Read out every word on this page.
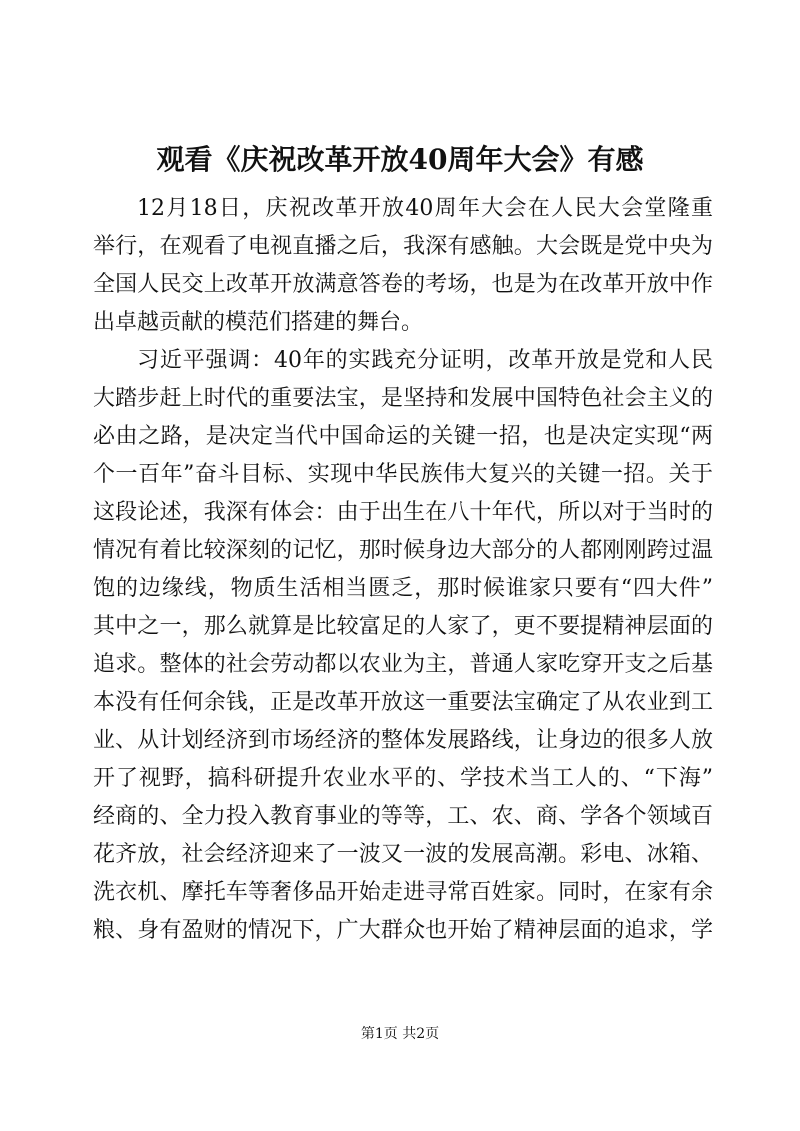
观看《庆祝改革开放40周年大会》有感
12月18日，庆祝改革开放40周年大会在人民大会堂隆重
举行，在观看了电视直播之后，我深有感触。大会既是党中央为
全国人民交上改革开放满意答卷的考场，也是为在改革开放中作
出卓越贡献的模范们搭建的舞台。
习近平强调：40年的实践充分证明，改革开放是党和人民
大踏步赶上时代的重要法宝，是坚持和发展中国特色社会主义的
必由之路，是决定当代中国命运的关键一招，也是决定实现“两
个一百年”奋斗目标、实现中华民族伟大复兴的关键一招。关于
这段论述，我深有体会：由于出生在八十年代，所以对于当时的
情况有着比较深刻的记忆，那时候身边大部分的人都刚刚跨过温
饱的边缘线，物质生活相当匮乏，那时候谁家只要有“四大件”
其中之一，那么就算是比较富足的人家了，更不要提精神层面的
追求。整体的社会劳动都以农业为主，普通人家吃穿开支之后基
本没有任何余钱，正是改革开放这一重要法宝确定了从农业到工
业、从计划经济到市场经济的整体发展路线，让身边的很多人放
开了视野，搞科研提升农业水平的、学技术当工人的、“下海”
经商的、全力投入教育事业的等等，工、农、商、学各个领域百
花齐放，社会经济迎来了一波又一波的发展高潮。彩电、冰箱、
洗衣机、摩托车等奢侈品开始走进寻常百姓家。同时，在家有余
粮、身有盈财的情况下，广大群众也开始了精神层面的追求，学
第1页 共2页
